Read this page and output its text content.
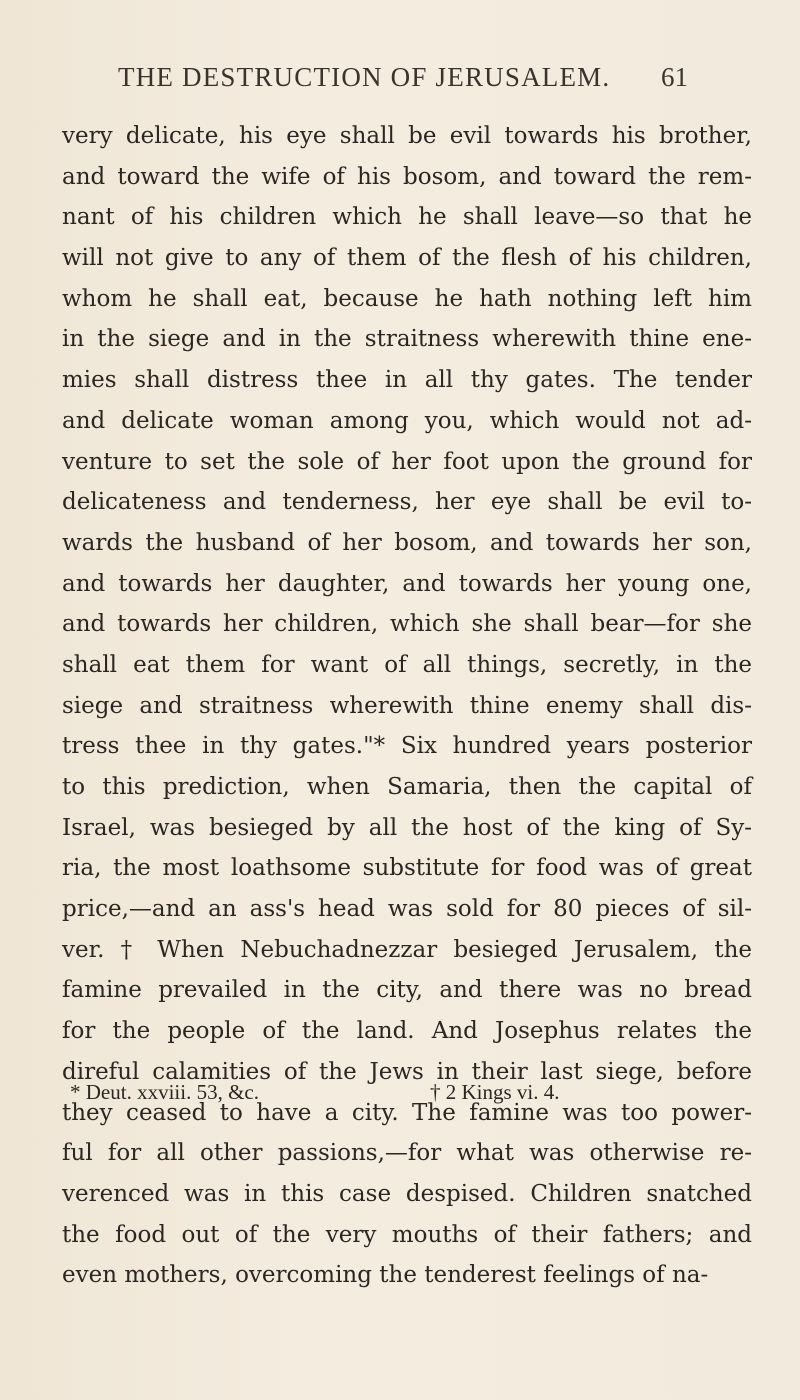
THE DESTRUCTION OF JERUSALEM.	61
very delicate, his eye shall be evil towards his brother,
and toward the wife of his bosom, and toward the rem-
nant of his children which he shall leave—so that he
will not give to any of them of the flesh of his children,
whom he shall eat, because he hath nothing left him
in the siege and in the straitness wherewith thine ene-
mies shall distress thee in all thy gates. The tender
and delicate woman among you, which would not ad-
venture to set the sole of her foot upon the ground for
delicateness and tenderness, her eye shall be evil to-
wards the husband of her bosom, and towards her son,
and towards her daughter, and towards her young one,
and towards her children, which she shall bear—for she
shall eat them for want of all things, secretly, in the
siege and straitness wherewith thine enemy shall dis-
tress thee in thy gates."* Six hundred years posterior
to this prediction, when Samaria, then the capital of
Israel, was besieged by all the host of the king of Sy-
ria, the most loathsome substitute for food was of great
price,—and an ass's head was sold for 80 pieces of sil-
ver. † When Nebuchadnezzar besieged Jerusalem, the
famine prevailed in the city, and there was no bread
for the people of the land. And Josephus relates the
direful calamities of the Jews in their last siege, before
they ceased to have a city. The famine was too power-
ful for all other passions,—for what was otherwise re-
verenced was in this case despised. Children snatched
the food out of the very mouths of their fathers; and
even mothers, overcoming the tenderest feelings of na-
* Deut. xxviii. 53, &c.	† 2 Kings vi. 4.
